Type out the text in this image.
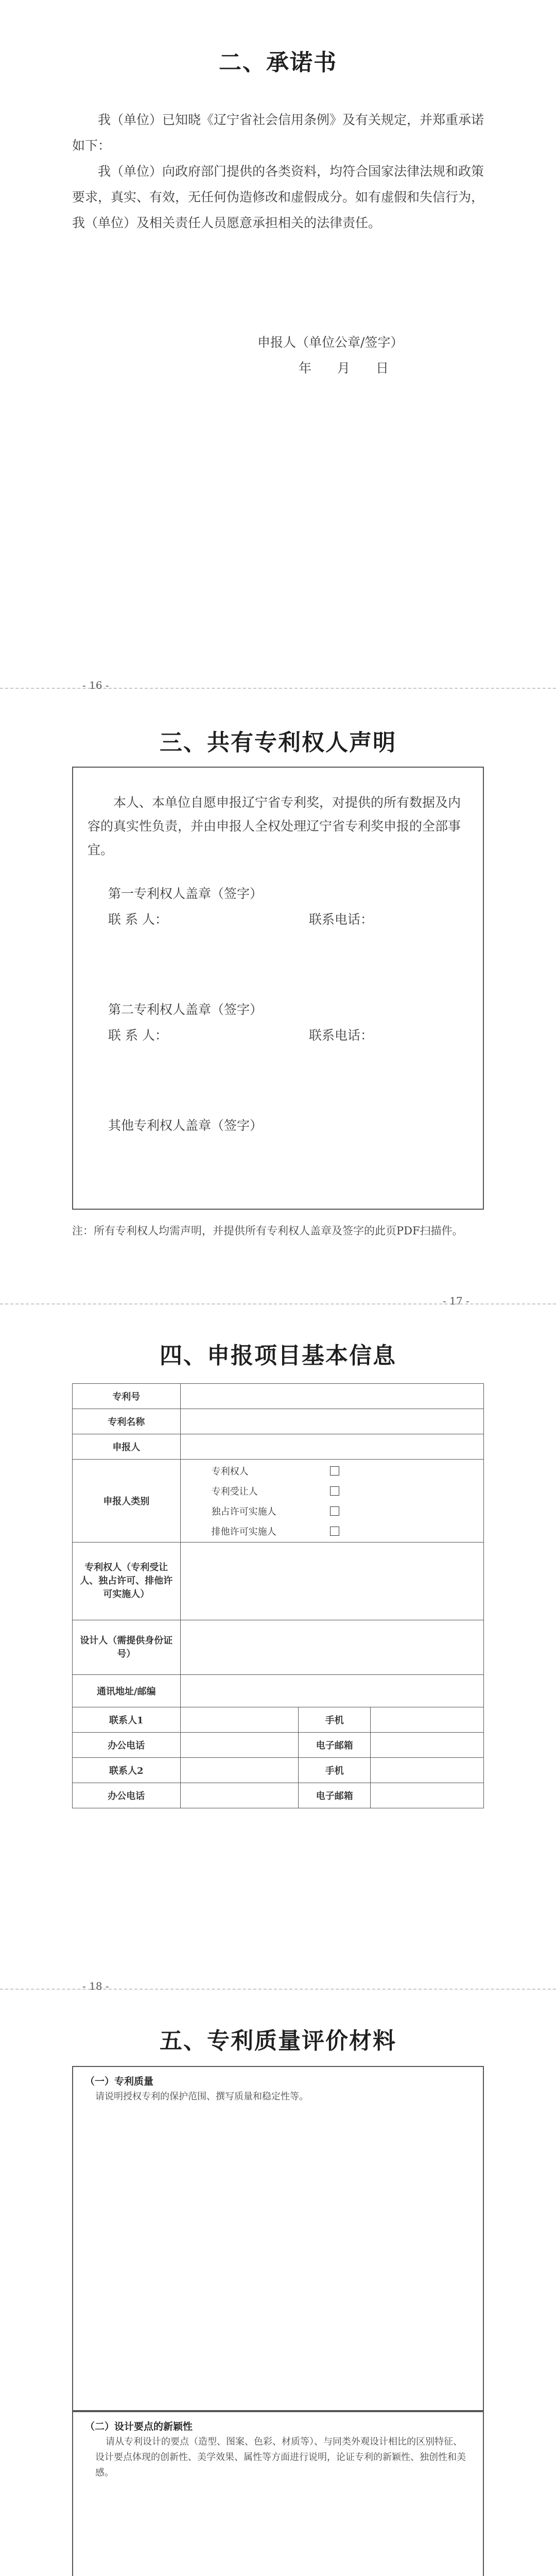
二、承诺书
我（单位）已知晓《辽宁省社会信用条例》及有关规定，并郑重承诺如下：
我（单位）向政府部门提供的各类资料，均符合国家法律法规和政策要求，真实、有效，无任何伪造修改和虚假成分。如有虚假和失信行为，我（单位）及相关责任人员愿意承担相关的法律责任。
申报人（单位公章/签字）
年　　月　　日
- 16 -
三、共有专利权人声明
本人、本单位自愿申报辽宁省专利奖，对提供的所有数据及内容的真实性负责，并由申报人全权处理辽宁省专利奖申报的全部事宜。
第一专利权人盖章（签字）
联 系 人：	联系电话：
第二专利权人盖章（签字）
联 系 人：	联系电话：
其他专利权人盖章（签字）
注：所有专利权人均需声明，并提供所有专利权人盖章及签字的此页PDF扫描件。
- 17 -
四、申报项目基本信息
专利号			
专利名称			
申报人			
申报人类别	专利权人
专利受让人
独占许可实施人
排他许可实施人		

专利权人（专利受让人、独占许可、排他许可实施人）			
设计人（需提供身份证号）			
通讯地址/邮编			
联系人1		手机	
办公电话		电子邮箱	
联系人2		手机	
办公电话		电子邮箱	
- 18 -
五、专利质量评价材料
（一）专利质量
请说明授权专利的保护范围、撰写质量和稳定性等。
（二）设计要点的新颖性
请从专利设计的要点（造型、图案、色彩、材质等）、与同类外观设计相比的区别特征、设计要点体现的创新性、美学效果、属性等方面进行说明，论证专利的新颖性、独创性和美感。
